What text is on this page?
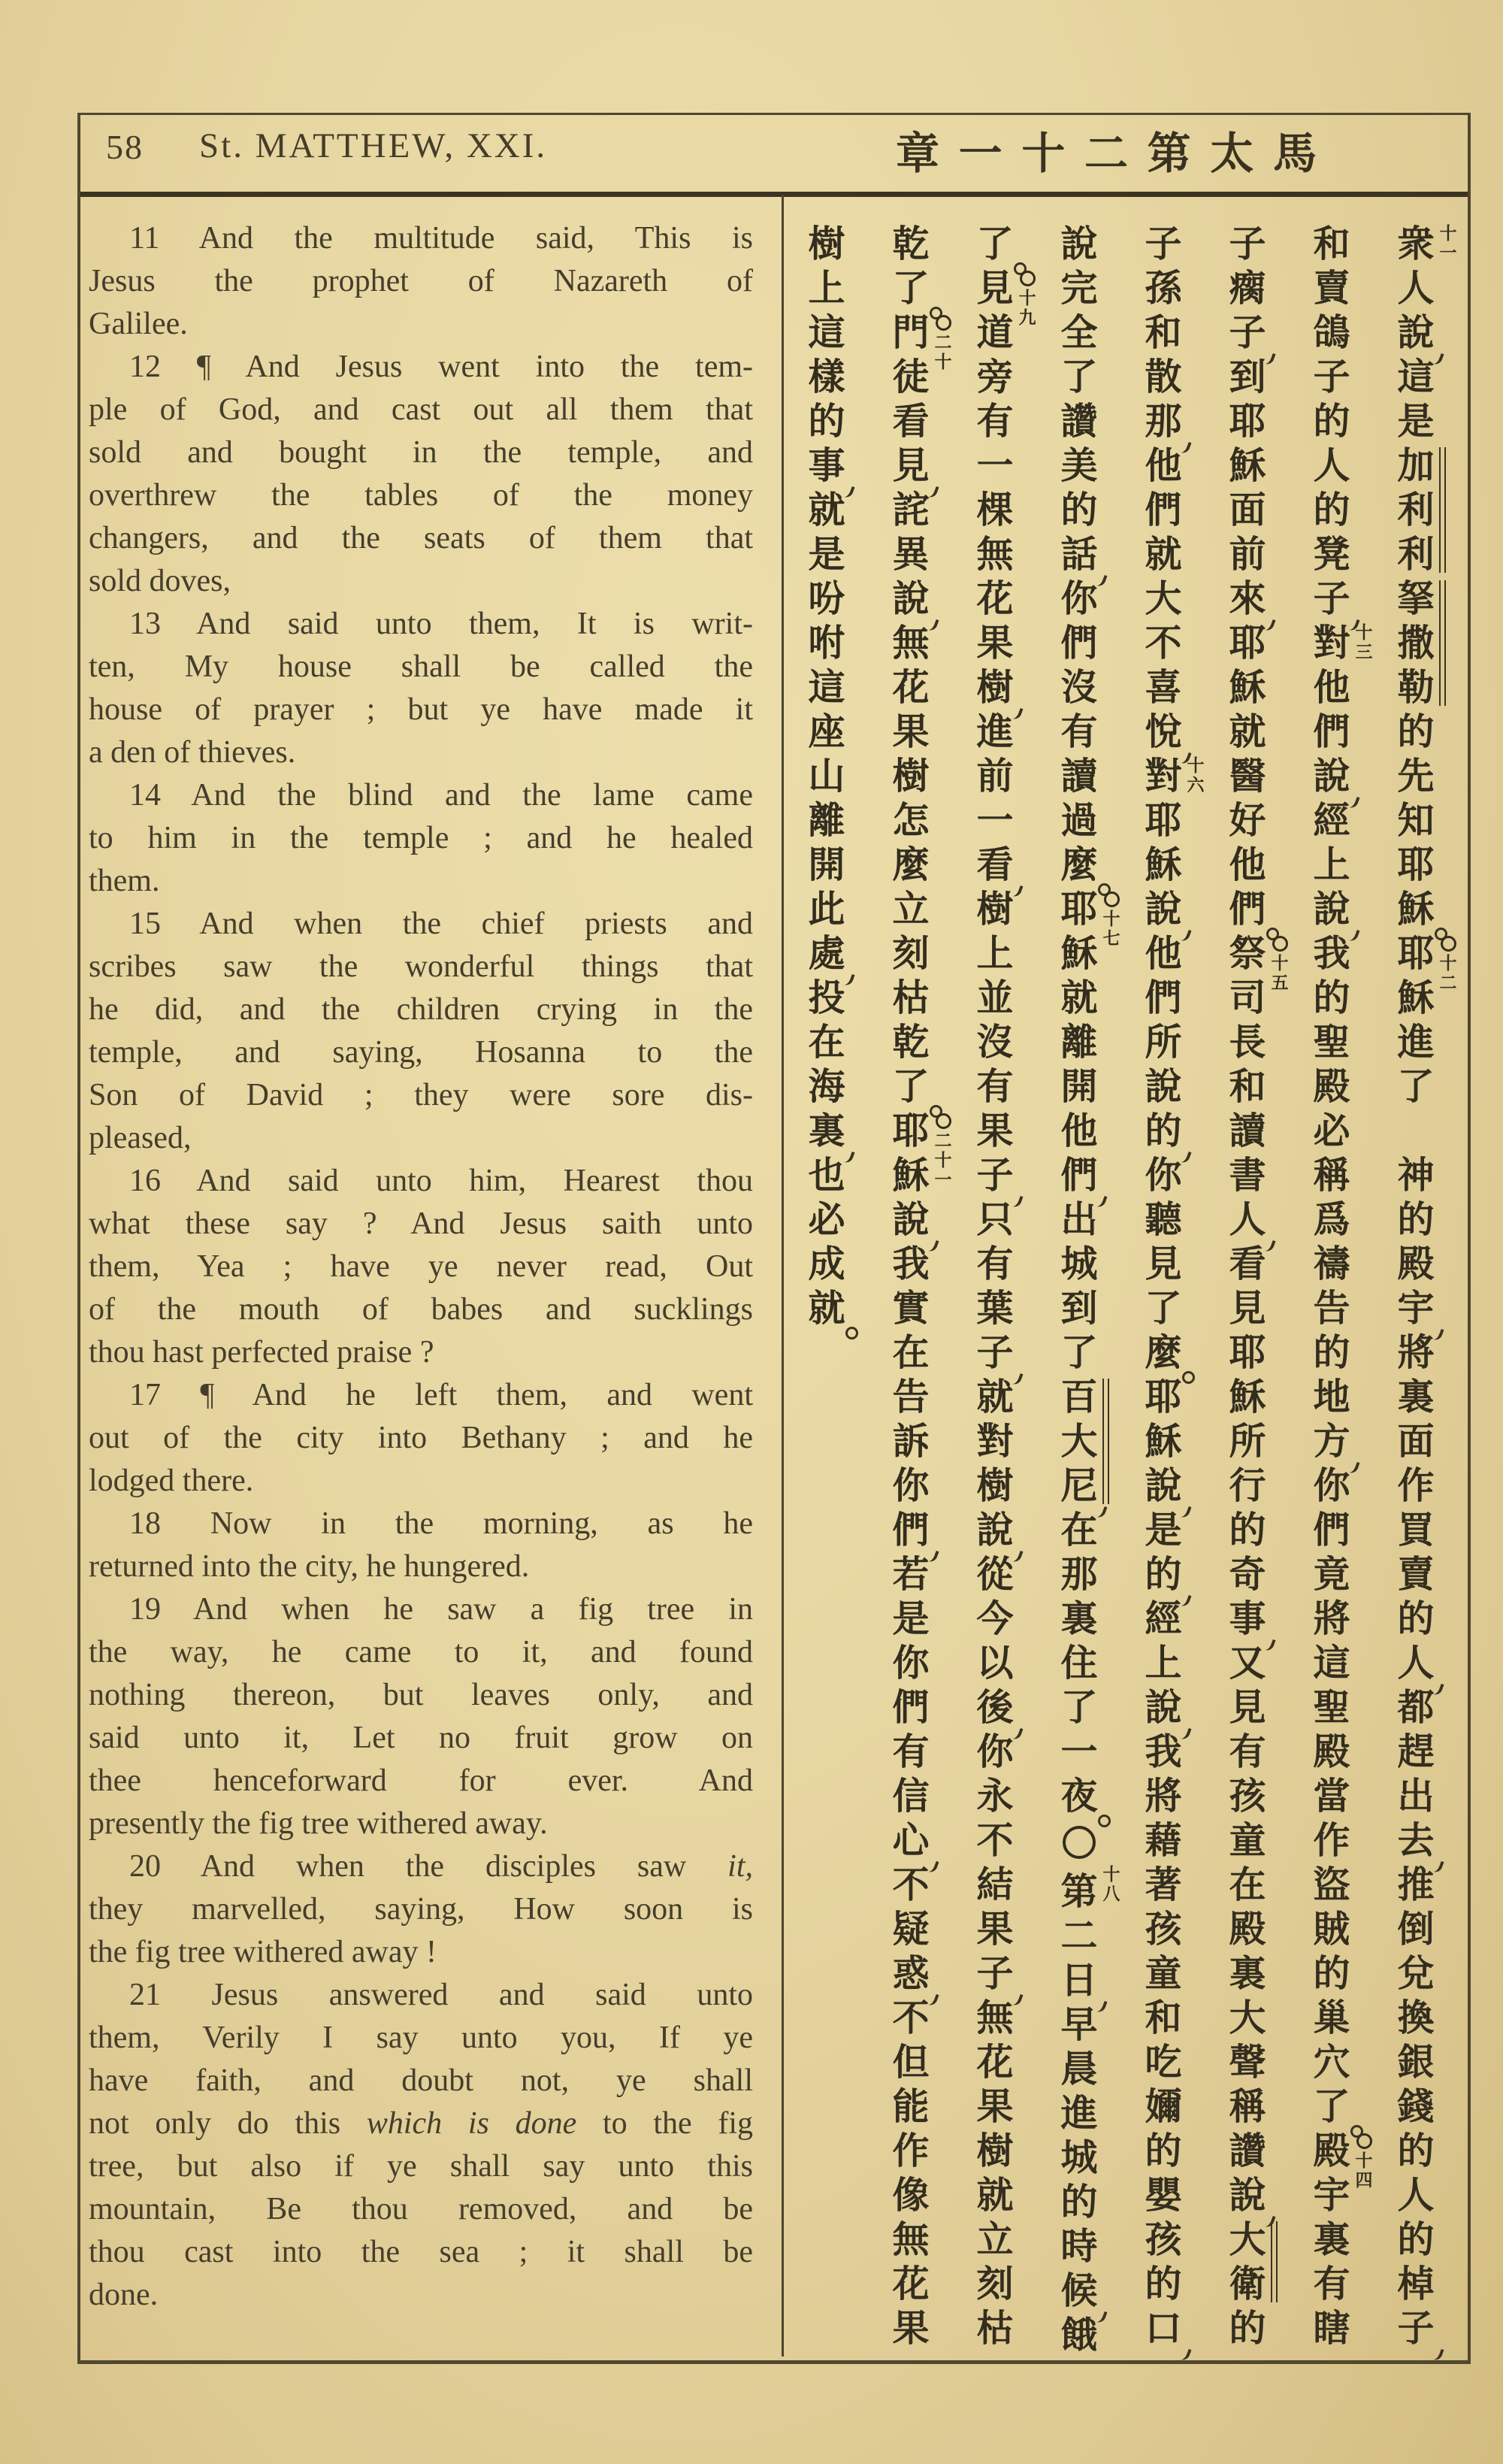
58 St. MATTHEW, XXI.	章 一 十 二 第 太 馬
11 And the multitude said, This is
Jesus the prophet of Nazareth of
Galilee.
12 ¶ And Jesus went into the tem-
ple of God, and cast out all them that
sold and bought in the temple, and
overthrew the tables of the money
changers, and the seats of them that
sold doves,
13 And said unto them, It is writ-
ten, My house shall be called the
house of prayer ; but ye have made it
a den of thieves.
14 And the blind and the lame came
to him in the temple ; and he healed
them.
15 And when the chief priests and
scribes saw the wonderful things that
he did, and the children crying in the
temple, and saying, Hosanna to the
Son of David ; they were sore dis-
pleased,
16 And said unto him, Hearest thou
what these say ? And Jesus saith unto
them, Yea ; have ye never read, Out
of the mouth of babes and sucklings
thou hast perfected praise ?
17 ¶ And he left them, and went
out of the city into Bethany ; and he
lodged there.
18 Now in the morning, as he
returned into the city, he hungered.
19 And when he saw a fig tree in
the way, he came to it, and found
nothing thereon, but leaves only, and
said unto it, Let no fruit grow on
thee henceforward for ever. And
presently the fig tree withered away.
20 And when the disciples saw it,
they marvelled, saying, How soon is
the fig tree withered away !
21 Jesus answered and said unto
them, Verily I say unto you, If ye
have faith, and doubt not, ye shall
not only do this which is done to the fig
tree, but also if ye shall say unto this
mountain, Be thou removed, and be
thou cast into the sea ; it shall be
done.
衆
人
說
這
是
加
利
利
拏
撒
勒
的
先
知
耶
穌
耶
穌
進
了
神
的
殿
宇
將
裏
面
作
買
賣
的
人
都
趕
出
去
推
倒
兌
換
銀
錢
的
人
的
棹
子
十
一
十
二
和
賣
鴿
子
的
人
的
凳
子
對
他
們
說
經
上
說
我
的
聖
殿
必
稱
爲
禱
告
的
地
方
你
們
竟
將
這
聖
殿
當
作
盜
賊
的
巢
穴
了
殿
宇
裏
有
瞎
十
三
十
四
子
瘸
子
到
耶
穌
面
前
來
耶
穌
就
醫
好
他
們
祭
司
長
和
讀
書
人
看
見
耶
穌
所
行
的
奇
事
又
見
有
孩
童
在
殿
裏
大
聲
稱
讚
說
大
衛
的
十
五
子
孫
和
散
那
他
們
就
大
不
喜
悅
對
耶
穌
說
他
們
所
說
的
你
聽
見
了
麼
耶
穌
說
是
的
經
上
說
我
將
藉
著
孩
童
和
吃
嬭
的
嬰
孩
的
口
十
六
說
完
全
了
讚
美
的
話
你
們
沒
有
讀
過
麼
耶
穌
就
離
開
他
們
出
城
到
了
百
大
尼
在
那
裏
住
了
一
夜
第
二
日
早
晨
進
城
的
時
候
餓
十
七
十
八
了
見
道
旁
有
一
棵
無
花
果
樹
進
前
一
看
樹
上
並
沒
有
果
子
只
有
葉
子
就
對
樹
說
從
今
以
後
你
永
不
結
果
子
無
花
果
樹
就
立
刻
枯
十
九
乾
了
門
徒
看
見
詫
異
說
無
花
果
樹
怎
麼
立
刻
枯
乾
了
耶
穌
說
我
實
在
告
訴
你
們
若
是
你
們
有
信
心
不
疑
惑
不
但
能
作
像
無
花
果
二
十
二
十
一
樹
上
這
樣
的
事
就
是
吩
咐
這
座
山
離
開
此
處
投
在
海
裏
也
必
成
就
